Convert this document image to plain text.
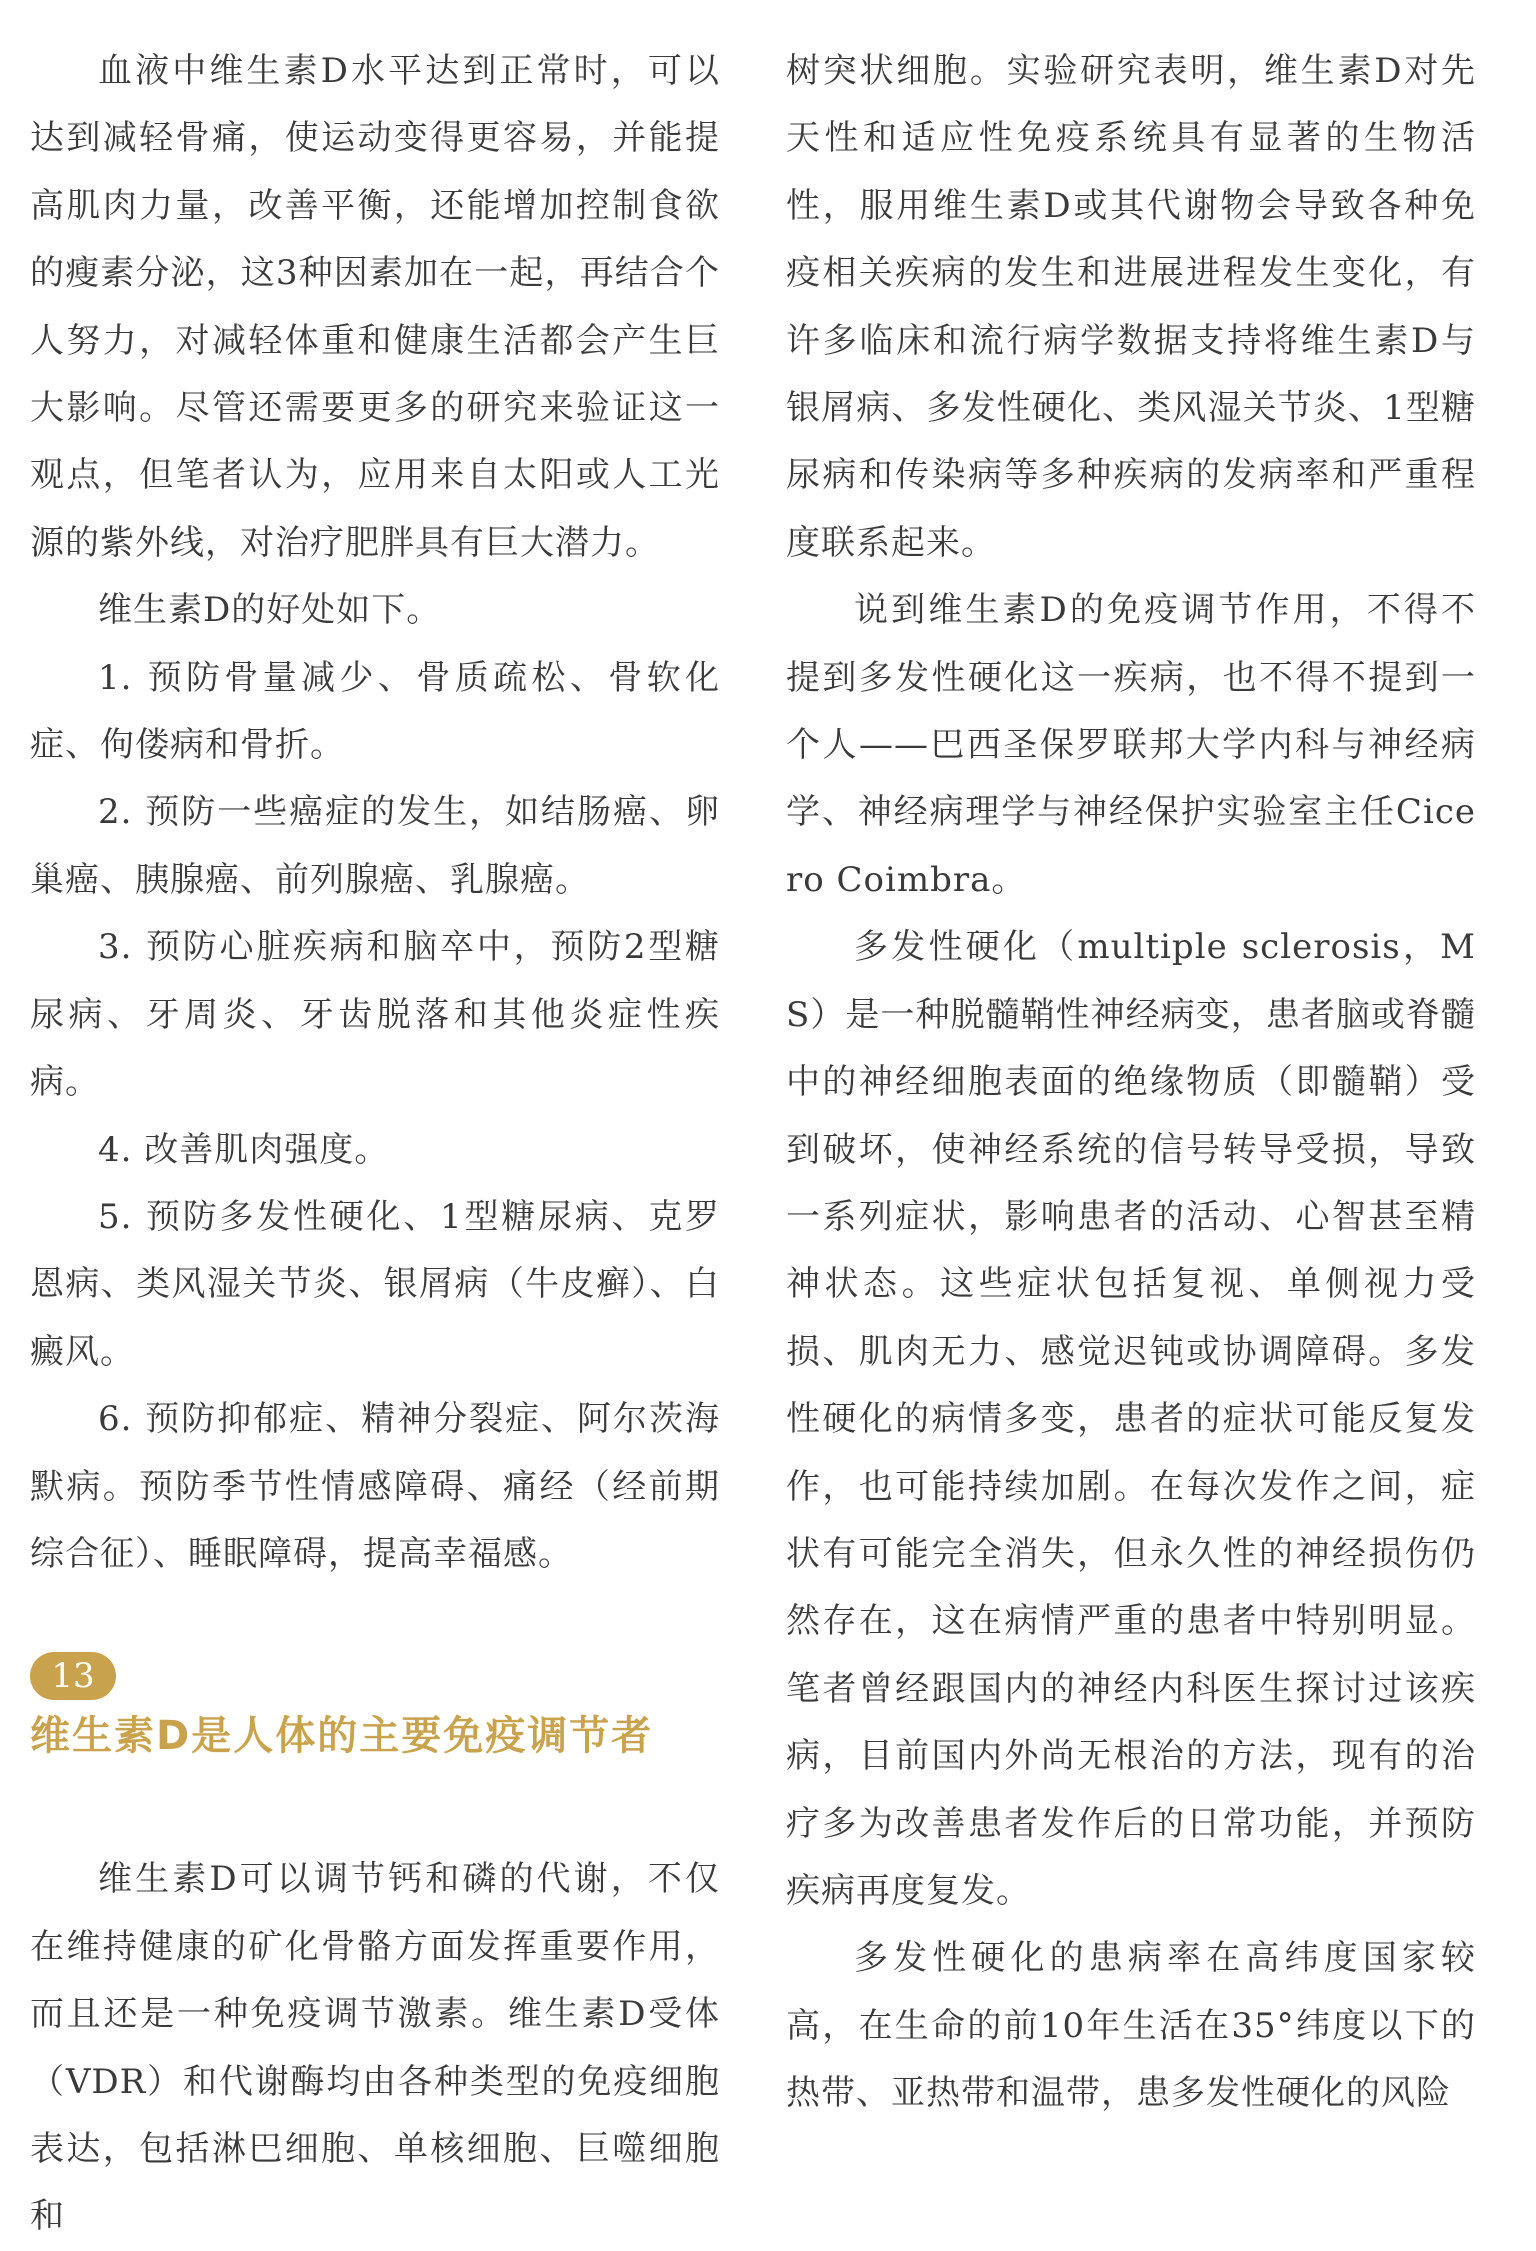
血液中维生素D水平达到正常时，可以达到减轻骨痛，使运动变得更容易，并能提高肌肉力量，改善平衡，还能增加控制食欲的瘦素分泌，这3种因素加在一起，再结合个人努力，对减轻体重和健康生活都会产生巨大影响。尽管还需要更多的研究来验证这一观点，但笔者认为，应用来自太阳或人工光源的紫外线，对治疗肥胖具有巨大潜力。

维生素D的好处如下。

1. 预防骨量减少、骨质疏松、骨软化症、佝偻病和骨折。

2. 预防一些癌症的发生，如结肠癌、卵巢癌、胰腺癌、前列腺癌、乳腺癌。

3. 预防心脏疾病和脑卒中，预防2型糖尿病、牙周炎、牙齿脱落和其他炎症性疾病。

4. 改善肌肉强度。

5. 预防多发性硬化、1型糖尿病、克罗恩病、类风湿关节炎、银屑病（牛皮癣）、白癜风。

6. 预防抑郁症、精神分裂症、阿尔茨海默病。预防季节性情感障碍、痛经（经前期综合征）、睡眠障碍，提高幸福感。

13
维生素D是人体的主要免疫调节者

维生素D可以调节钙和磷的代谢，不仅在维持健康的矿化骨骼方面发挥重要作用，而且还是一种免疫调节激素。维生素D受体（VDR）和代谢酶均由各种类型的免疫细胞表达，包括淋巴细胞、单核细胞、巨噬细胞和

树突状细胞。实验研究表明，维生素D对先天性和适应性免疫系统具有显著的生物活性，服用维生素D或其代谢物会导致各种免疫相关疾病的发生和进展进程发生变化，有许多临床和流行病学数据支持将维生素D与银屑病、多发性硬化、类风湿关节炎、1型糖尿病和传染病等多种疾病的发病率和严重程度联系起来。

说到维生素D的免疫调节作用，不得不提到多发性硬化这一疾病，也不得不提到一个人——巴西圣保罗联邦大学内科与神经病学、神经病理学与神经保护实验室主任Cicero Coimbra。

多发性硬化（multiple sclerosis，MS）是一种脱髓鞘性神经病变，患者脑或脊髓中的神经细胞表面的绝缘物质（即髓鞘）受到破坏，使神经系统的信号转导受损，导致一系列症状，影响患者的活动、心智甚至精神状态。这些症状包括复视、单侧视力受损、肌肉无力、感觉迟钝或协调障碍。多发性硬化的病情多变，患者的症状可能反复发作，也可能持续加剧。在每次发作之间，症状有可能完全消失，但永久性的神经损伤仍然存在，这在病情严重的患者中特别明显。笔者曾经跟国内的神经内科医生探讨过该疾病，目前国内外尚无根治的方法，现有的治疗多为改善患者发作后的日常功能，并预防疾病再度复发。

多发性硬化的患病率在高纬度国家较高，在生命的前10年生活在35°纬度以下的热带、亚热带和温带，患多发性硬化的风险
